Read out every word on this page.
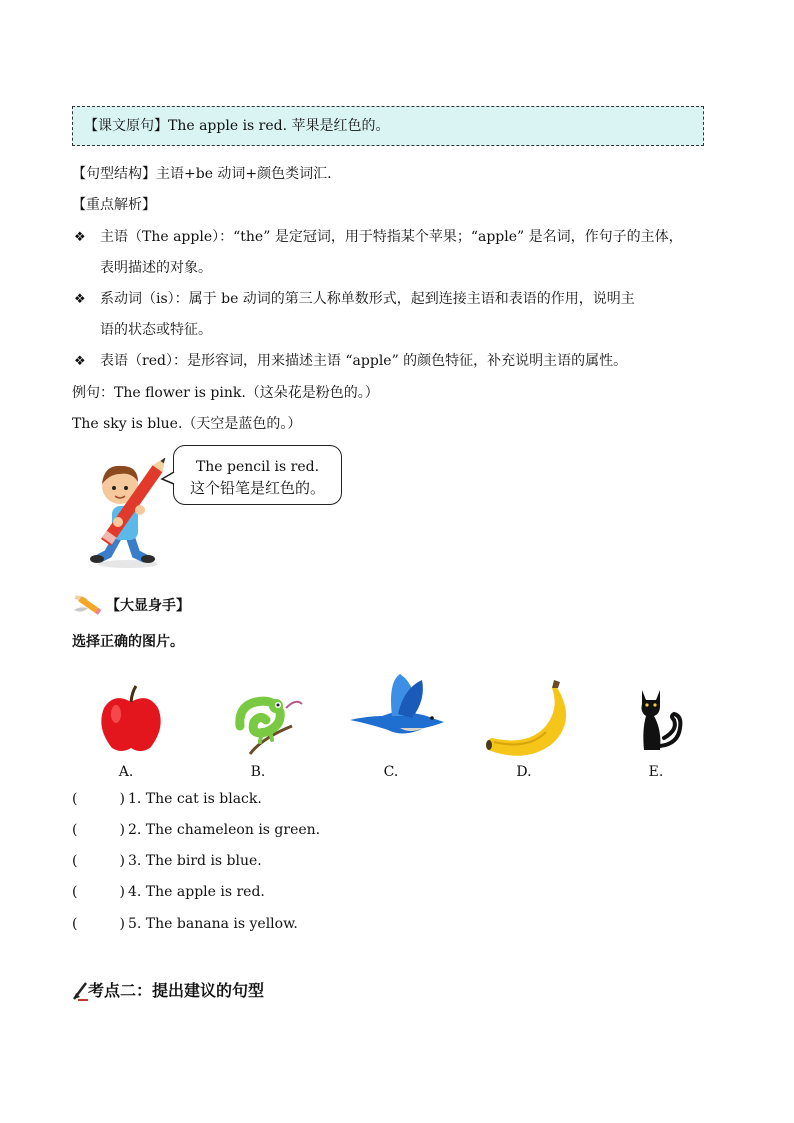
【课文原句】The apple is red. 苹果是红色的。
【句型结构】主语+be 动词+颜色类词汇.
【重点解析】
❖ 主语（The apple）：“the” 是定冠词，用于特指某个苹果；“apple” 是名词，作句子的主体，
表明描述的对象。
❖ 系动词（is）：属于 be 动词的第三人称单数形式，起到连接主语和表语的作用，说明主
语的状态或特征。
❖ 表语（red）：是形容词，用来描述主语 “apple” 的颜色特征，补充说明主语的属性。
例句：The flower is pink.（这朵花是粉色的。）
The sky is blue.（天空是蓝色的。）
The pencil is red.
这个铅笔是红色的。
【大显身手】
选择正确的图片。
A.	B.	C.	D.	E.
(　　　) 1. The cat is black.
(　　　) 2. The chameleon is green.
(　　　) 3. The bird is blue.
(　　　) 4. The apple is red.
(　　　) 5. The banana is yellow.
考点二：提出建议的句型
